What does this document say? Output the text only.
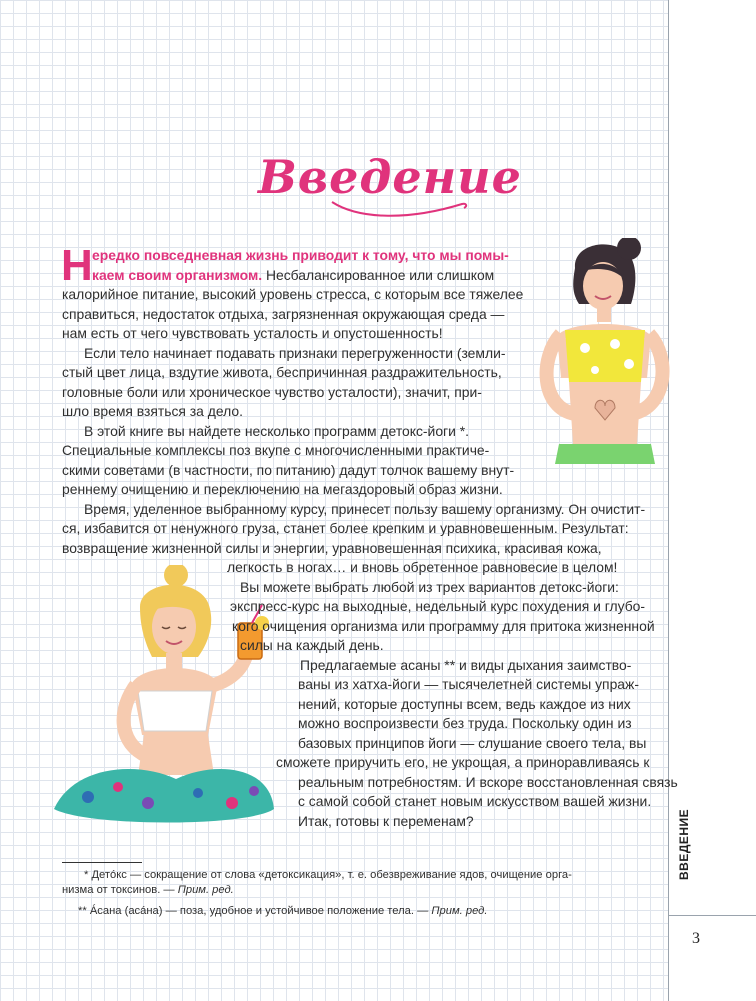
ВВЕДЕНИЕ
3
Введение
Н ередко повседневная жизнь приводит к тому, что мы помы-
каем своим организмом. Несбалансированное или слишком
калорийное питание, высокий уровень стресса, с которым все тяжелее
справиться, недостаток отдыха, загрязненная окружающая среда —
нам есть от чего чувствовать усталость и опустошенность!
Если тело начинает подавать признаки перегруженности (земли-
стый цвет лица, вздутие живота, беспричинная раздражительность,
головные боли или хроническое чувство усталости), значит, при-
шло время взяться за дело.
В этой книге вы найдете несколько программ детокс-йоги *.
Специальные комплексы поз вкупе с многочисленными практиче-
скими советами (в частности, по питанию) дадут толчок вашему внут-
реннему очищению и переключению на мегаздоровый образ жизни.
Время, уделенное выбранному курсу, принесет пользу вашему организму. Он очистит-
ся, избавится от ненужного груза, станет более крепким и уравновешенным. Результат:
возвращение жизненной силы и энергии, уравновешенная психика, красивая кожа,
легкость в ногах… и вновь обретенное равновесие в целом!
Вы можете выбрать любой из трех вариантов детокс-йоги:
экспресс-курс на выходные, недельный курс похудения и глубо-
кого очищения организма или программу для притока жизненной
силы на каждый день.
Предлагаемые асаны ** и виды дыхания заимство-
ваны из хатха-йоги — тысячелетней системы упраж-
нений, которые доступны всем, ведь каждое из них
можно воспроизвести без труда. Поскольку один из
базовых принципов йоги — слушание своего тела, вы
сможете приручить его, не укрощая, а приноравливаясь к
реальным потребностям. И вскоре восстановленная связь
с самой собой станет новым искусством вашей жизни.
Итак, готовы к переменам?
* Детóкс — сокращение от слова «детоксикация», т. е. обезвреживание ядов, очищение орга-
низма от токсинов. — Прим. ред.
** Áсана (асáна) — поза, удобное и устойчивое положение тела. — Прим. ред.
